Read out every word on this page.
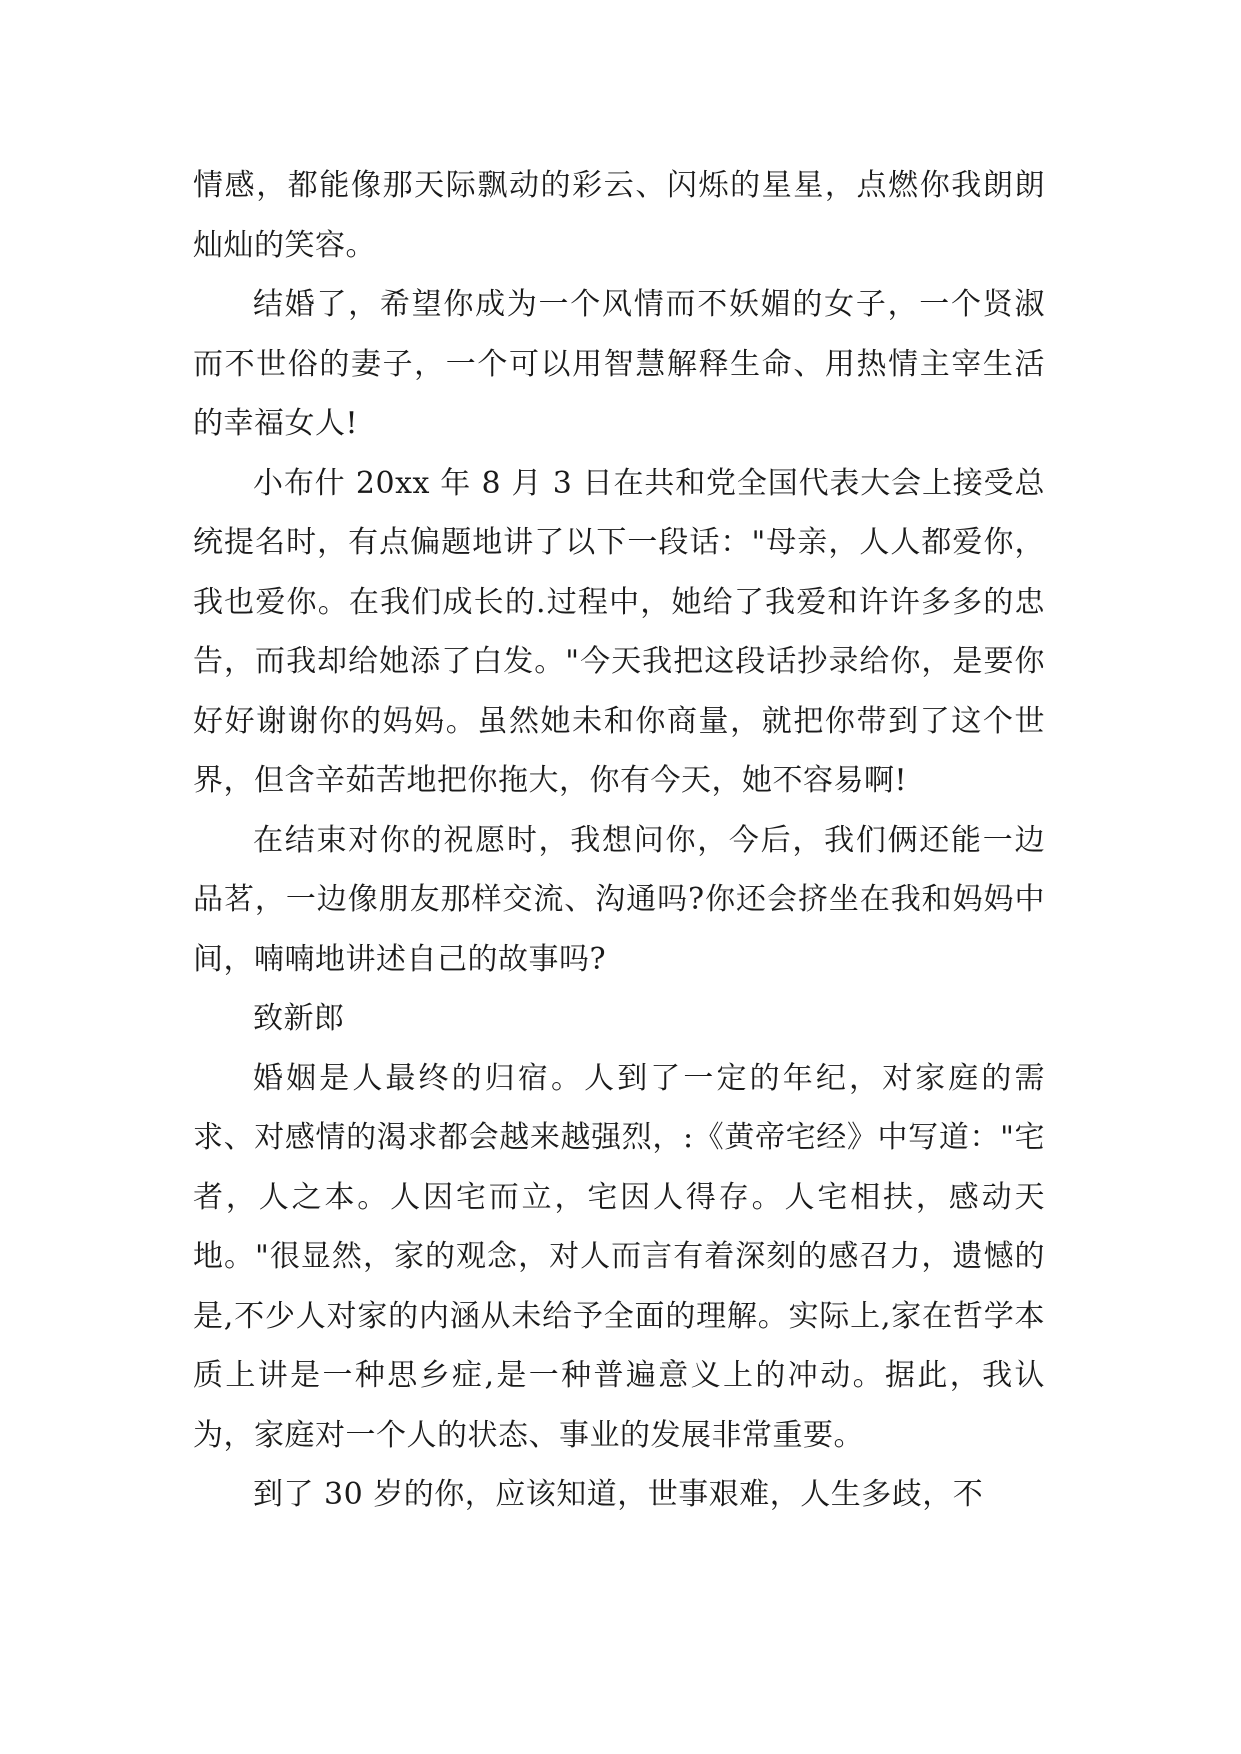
情感，都能像那天际飘动的彩云、闪烁的星星，点燃你我朗朗灿灿的笑容。

结婚了，希望你成为一个风情而不妖媚的女子，一个贤淑而不世俗的妻子，一个可以用智慧解释生命、用热情主宰生活的幸福女人!

小布什 20xx 年 8 月 3 日在共和党全国代表大会上接受总统提名时，有点偏题地讲了以下一段话："母亲，人人都爱你，我也爱你。在我们成长的.过程中，她给了我爱和许许多多的忠告，而我却给她添了白发。"今天我把这段话抄录给你，是要你好好谢谢你的妈妈。虽然她未和你商量，就把你带到了这个世界，但含辛茹苦地把你拖大，你有今天，她不容易啊!

在结束对你的祝愿时，我想问你，今后，我们俩还能一边品茗，一边像朋友那样交流、沟通吗?你还会挤坐在我和妈妈中间，喃喃地讲述自己的故事吗?

致新郎

婚姻是人最终的归宿。人到了一定的年纪，对家庭的需求、对感情的渴求都会越来越强烈，:《黄帝宅经》中写道："宅者，人之本。人因宅而立，宅因人得存。人宅相扶，感动天地。"很显然，家的观念，对人而言有着深刻的感召力，遗憾的是,不少人对家的内涵从未给予全面的理解。实际上,家在哲学本质上讲是一种思乡症,是一种普遍意义上的冲动。据此，我认为，家庭对一个人的状态、事业的发展非常重要。

到了 30 岁的你，应该知道，世事艰难，人生多歧，不
